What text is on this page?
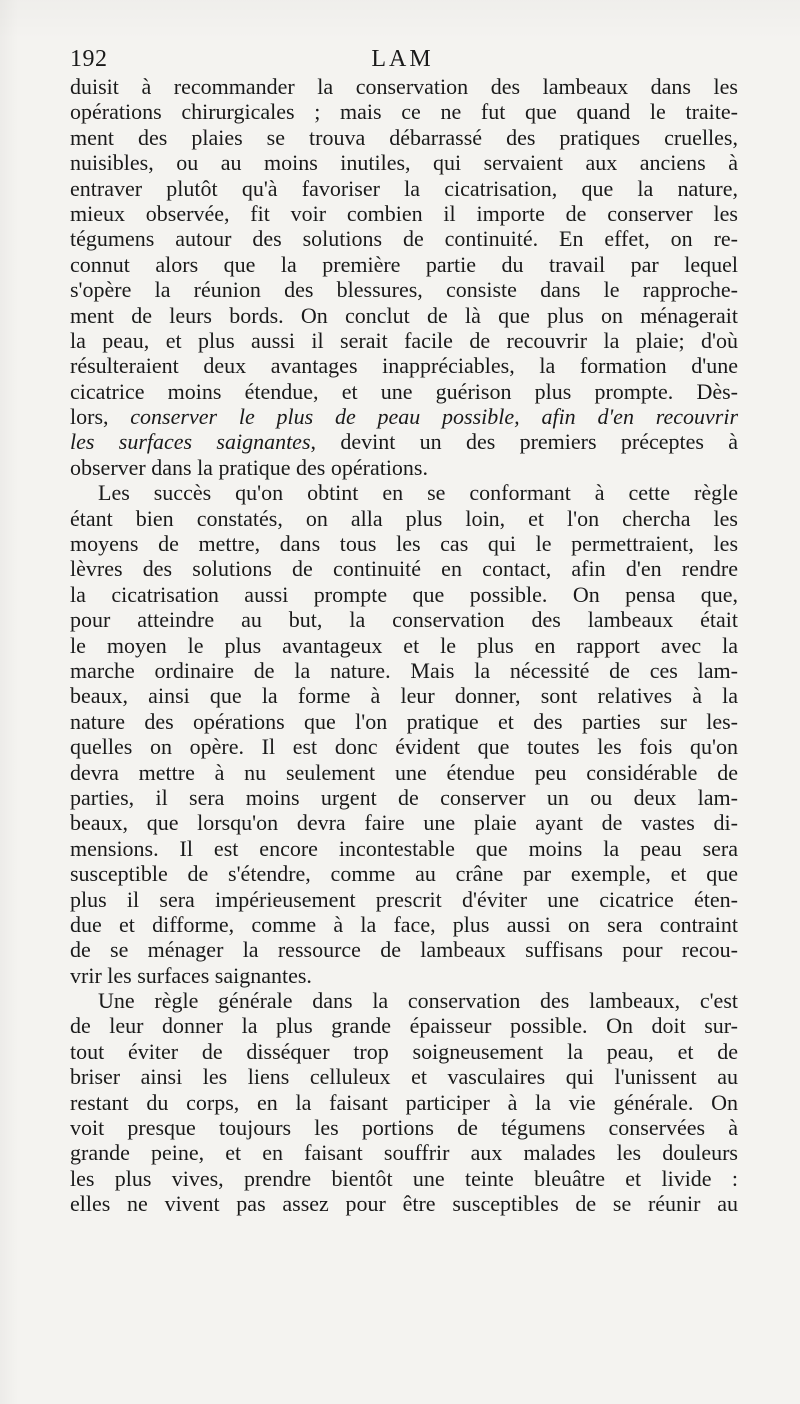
192	LAM
duisit à recommander la conservation des lambeaux dans les
opérations chirurgicales ; mais ce ne fut que quand le traite-
ment des plaies se trouva débarrassé des pratiques cruelles,
nuisibles, ou au moins inutiles, qui servaient aux anciens à
entraver plutôt qu'à favoriser la cicatrisation, que la nature,
mieux observée, fit voir combien il importe de conserver les
tégumens autour des solutions de continuité. En effet, on re-
connut alors que la première partie du travail par lequel
s'opère la réunion des blessures, consiste dans le rapproche-
ment de leurs bords. On conclut de là que plus on ménagerait
la peau, et plus aussi il serait facile de recouvrir la plaie; d'où
résulteraient deux avantages inappréciables, la formation d'une
cicatrice moins étendue, et une guérison plus prompte. Dès-
lors, conserver le plus de peau possible, afin d'en recouvrir
les surfaces saignantes, devint un des premiers préceptes à
observer dans la pratique des opérations.
Les succès qu'on obtint en se conformant à cette règle
étant bien constatés, on alla plus loin, et l'on chercha les
moyens de mettre, dans tous les cas qui le permettraient, les
lèvres des solutions de continuité en contact, afin d'en rendre
la cicatrisation aussi prompte que possible. On pensa que,
pour atteindre au but, la conservation des lambeaux était
le moyen le plus avantageux et le plus en rapport avec la
marche ordinaire de la nature. Mais la nécessité de ces lam-
beaux, ainsi que la forme à leur donner, sont relatives à la
nature des opérations que l'on pratique et des parties sur les-
quelles on opère. Il est donc évident que toutes les fois qu'on
devra mettre à nu seulement une étendue peu considérable de
parties, il sera moins urgent de conserver un ou deux lam-
beaux, que lorsqu'on devra faire une plaie ayant de vastes di-
mensions. Il est encore incontestable que moins la peau sera
susceptible de s'étendre, comme au crâne par exemple, et que
plus il sera impérieusement prescrit d'éviter une cicatrice éten-
due et difforme, comme à la face, plus aussi on sera contraint
de se ménager la ressource de lambeaux suffisans pour recou-
vrir les surfaces saignantes.
Une règle générale dans la conservation des lambeaux, c'est
de leur donner la plus grande épaisseur possible. On doit sur-
tout éviter de disséquer trop soigneusement la peau, et de
briser ainsi les liens celluleux et vasculaires qui l'unissent au
restant du corps, en la faisant participer à la vie générale. On
voit presque toujours les portions de tégumens conservées à
grande peine, et en faisant souffrir aux malades les douleurs
les plus vives, prendre bientôt une teinte bleuâtre et livide :
elles ne vivent pas assez pour être susceptibles de se réunir au
